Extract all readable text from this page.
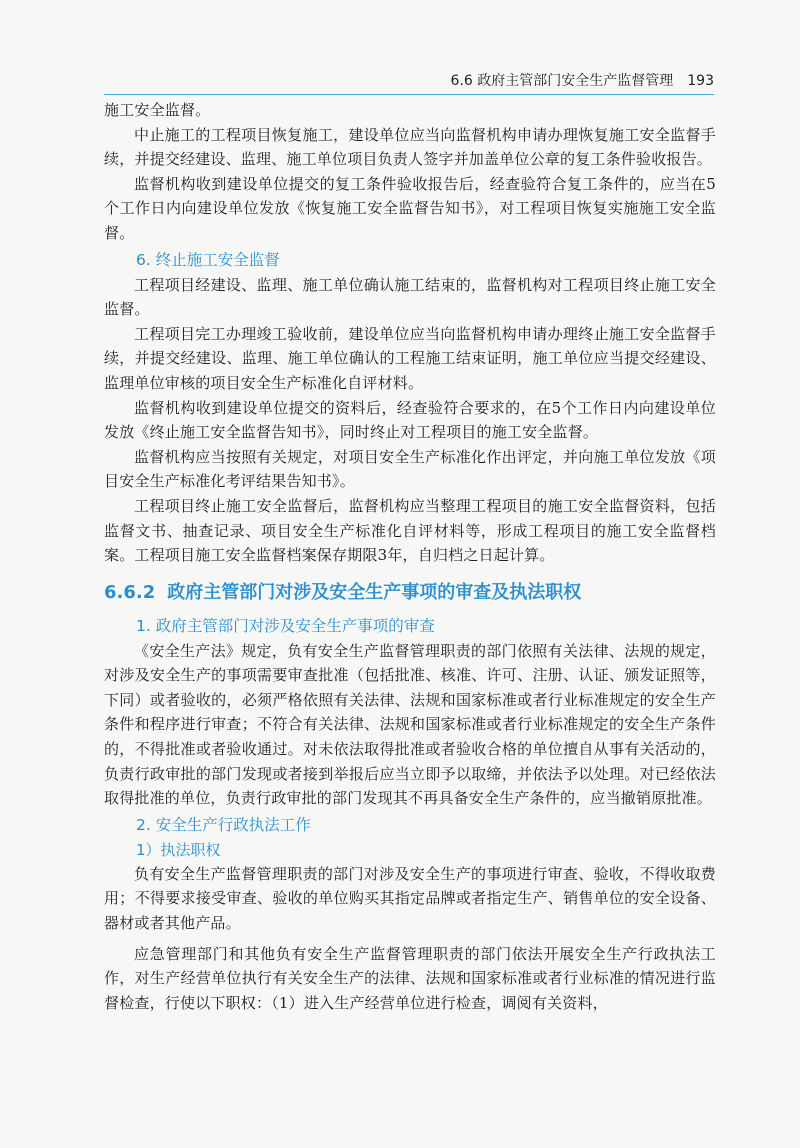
6.6 政府主管部门安全生产监督管理 193

施工安全监督。

中止施工的工程项目恢复施工，建设单位应当向监督机构申请办理恢复施工安全监督手续，并提交经建设、监理、施工单位项目负责人签字并加盖单位公章的复工条件验收报告。

监督机构收到建设单位提交的复工条件验收报告后，经查验符合复工条件的，应当在5个工作日内向建设单位发放《恢复施工安全监督告知书》，对工程项目恢复实施施工安全监督。

6. 终止施工安全监督

工程项目经建设、监理、施工单位确认施工结束的，监督机构对工程项目终止施工安全监督。

工程项目完工办理竣工验收前，建设单位应当向监督机构申请办理终止施工安全监督手续，并提交经建设、监理、施工单位确认的工程施工结束证明，施工单位应当提交经建设、监理单位审核的项目安全生产标准化自评材料。

监督机构收到建设单位提交的资料后，经查验符合要求的，在5个工作日内向建设单位发放《终止施工安全监督告知书》，同时终止对工程项目的施工安全监督。

监督机构应当按照有关规定，对项目安全生产标准化作出评定，并向施工单位发放《项目安全生产标准化考评结果告知书》。

工程项目终止施工安全监督后，监督机构应当整理工程项目的施工安全监督资料，包括监督文书、抽查记录、项目安全生产标准化自评材料等，形成工程项目的施工安全监督档案。工程项目施工安全监督档案保存期限3年，自归档之日起计算。

6.6.2 政府主管部门对涉及安全生产事项的审查及执法职权
1. 政府主管部门对涉及安全生产事项的审查

《安全生产法》规定，负有安全生产监督管理职责的部门依照有关法律、法规的规定，对涉及安全生产的事项需要审查批准（包括批准、核准、许可、注册、认证、颁发证照等，下同）或者验收的，必须严格依照有关法律、法规和国家标准或者行业标准规定的安全生产条件和程序进行审查；不符合有关法律、法规和国家标准或者行业标准规定的安全生产条件的，不得批准或者验收通过。对未依法取得批准或者验收合格的单位擅自从事有关活动的，负责行政审批的部门发现或者接到举报后应当立即予以取缔，并依法予以处理。对已经依法取得批准的单位，负责行政审批的部门发现其不再具备安全生产条件的，应当撤销原批准。

2. 安全生产行政执法工作
1）执法职权

负有安全生产监督管理职责的部门对涉及安全生产的事项进行审查、验收，不得收取费用；不得要求接受审查、验收的单位购买其指定品牌或者指定生产、销售单位的安全设备、器材或者其他产品。

应急管理部门和其他负有安全生产监督管理职责的部门依法开展安全生产行政执法工作，对生产经营单位执行有关安全生产的法律、法规和国家标准或者行业标准的情况进行监督检查，行使以下职权：（1）进入生产经营单位进行检查，调阅有关资料，
